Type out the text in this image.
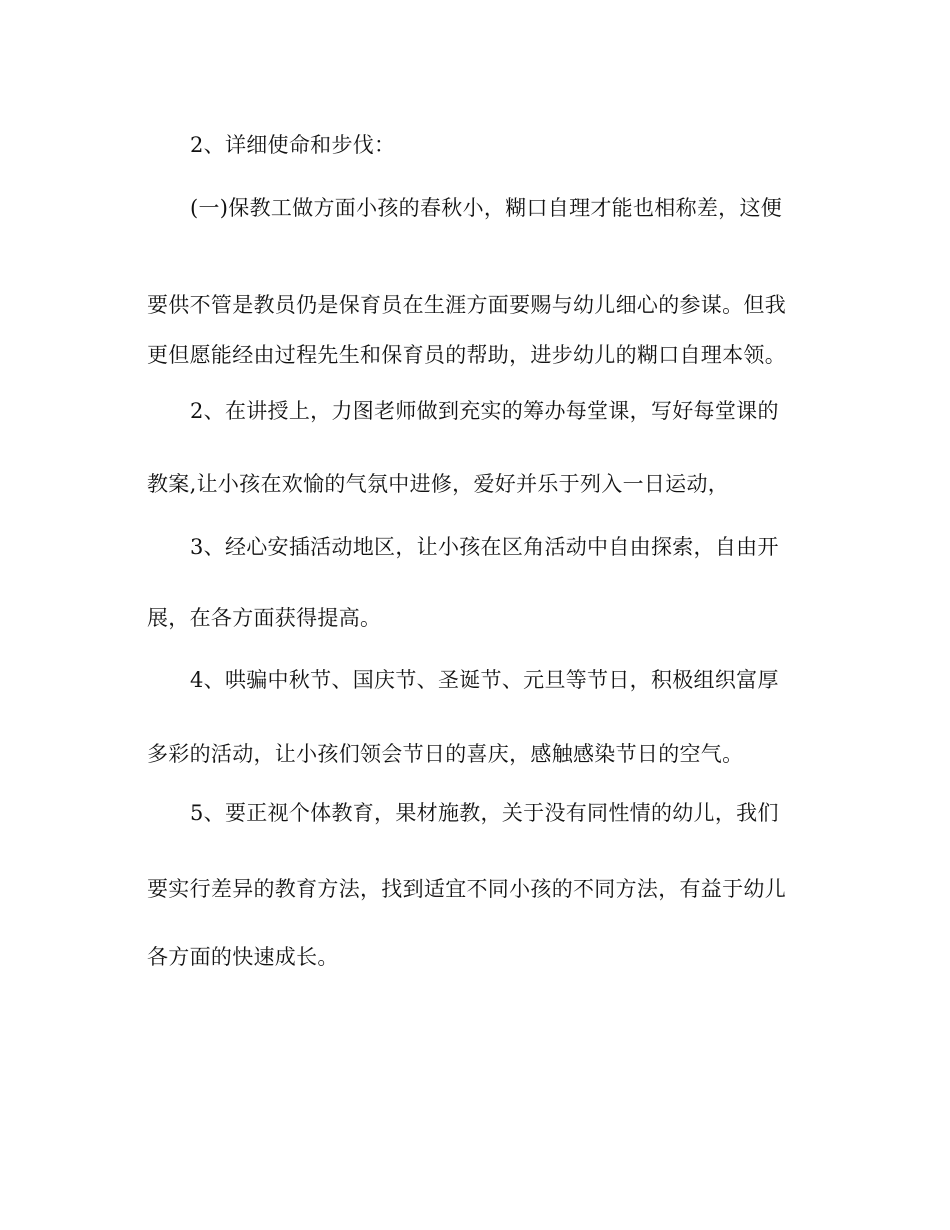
2、详细使命和步伐：

(一)保教工做方面小孩的春秋小，糊口自理才能也相称差，这便

要供不管是教员仍是保育员在生涯方面要赐与幼儿细心的参谋。但我

更但愿能经由过程先生和保育员的帮助，进步幼儿的糊口自理本领。

2、在讲授上，力图老师做到充实的筹办每堂课，写好每堂课的

教案,让小孩在欢愉的气氛中进修，爱好并乐于列入一日运动，

3、经心安插活动地区，让小孩在区角活动中自由探索，自由开

展，在各方面获得提高。

4、哄骗中秋节、国庆节、圣诞节、元旦等节日，积极组织富厚

多彩的活动，让小孩们领会节日的喜庆，感触感染节日的空气。

5、要正视个体教育，果材施教，关于没有同性情的幼儿，我们

要实行差异的教育方法，找到适宜不同小孩的不同方法，有益于幼儿

各方面的快速成长。
